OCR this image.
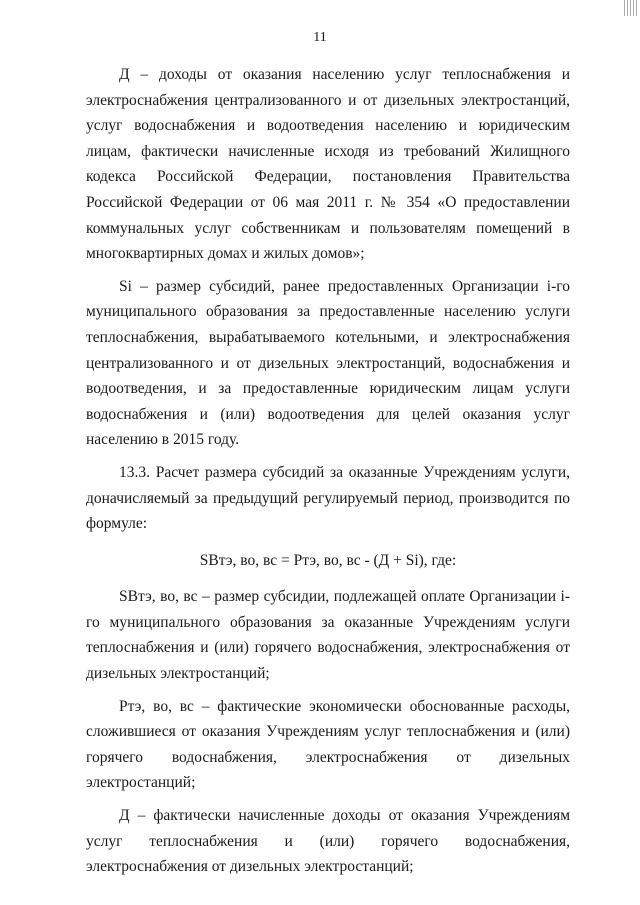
11

Д – доходы от оказания населению услуг теплоснабжения и электроснабжения централизованного и от дизельных электростанций, услуг водоснабжения и водоотведения населению и юридическим лицам, фактически начисленные исходя из требований Жилищного кодекса Российской Федерации, постановления Правительства Российской Федерации от 06 мая 2011 г. № 354 «О предоставлении коммунальных услуг собственникам и пользователям помещений в многоквартирных домах и жилых домов»;

Si – размер субсидий, ранее предоставленных Организации i-го муниципального образования за предоставленные населению услуги теплоснабжения, вырабатываемого котельными, и электроснабжения централизованного и от дизельных электростанций, водоснабжения и водоотведения, и за предоставленные юридическим лицам услуги водоснабжения и (или) водоотведения для целей оказания услуг населению в 2015 году.

13.3. Расчет размера субсидий за оказанные Учреждениям услуги, доначисляемый за предыдущий регулируемый период, производится по формуле:

SВтэ, во, вс = Ртэ, во, вс - (Д + Si), где:

SВтэ, во, вс – размер субсидии, подлежащей оплате Организации i-го муниципального образования за оказанные Учреждениям услуги теплоснабжения и (или) горячего водоснабжения, электроснабжения от дизельных электростанций;

Ртэ, во, вс – фактические экономически обоснованные расходы, сложившиеся от оказания Учреждениям услуг теплоснабжения и (или) горячего водоснабжения, электроснабжения от дизельных электростанций;

Д – фактически начисленные доходы от оказания Учреждениям услуг теплоснабжения и (или) горячего водоснабжения, электроснабжения от дизельных электростанций;
